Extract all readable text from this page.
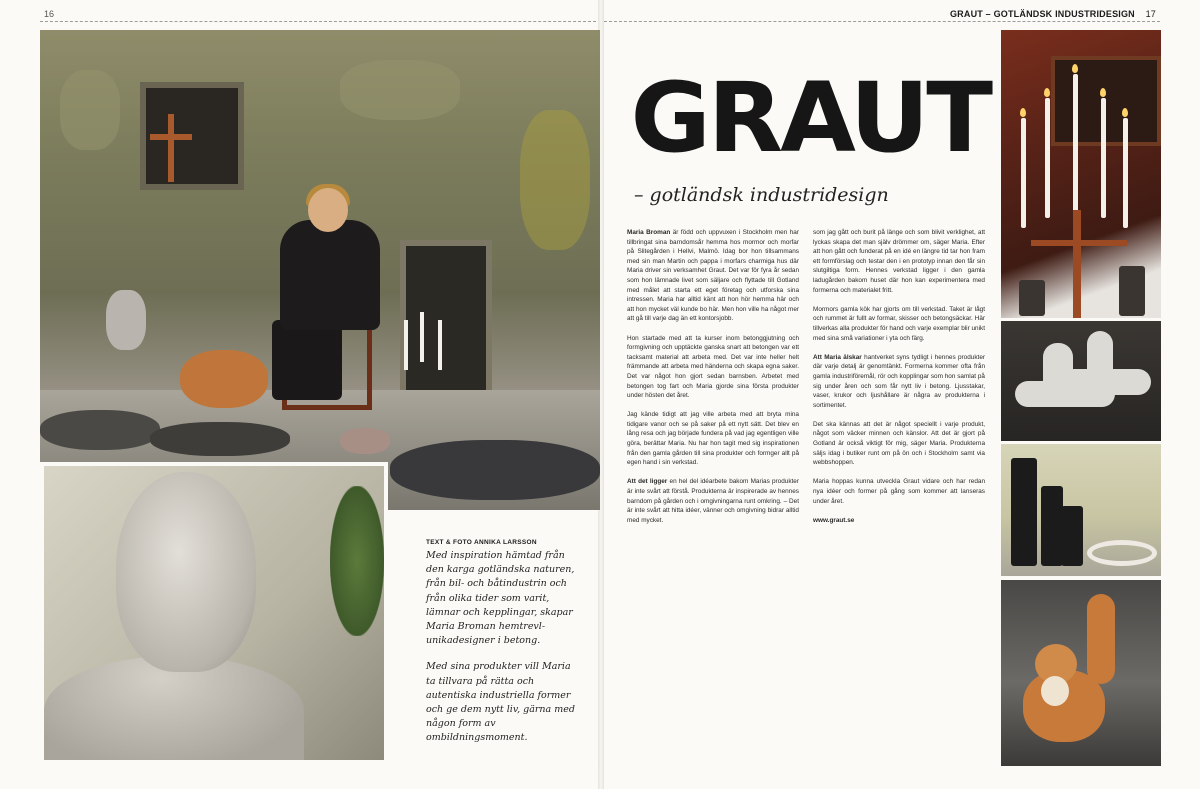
16	GRAUT – GOTLÄNDSK INDUSTRIDESIGN 17
TEXT & FOTO ANNIKA LARSSON

Med inspiration hämtad från den karga gotländska naturen, från bil- och båtindustrin och från olika tider som varit, lämnar och kepplingar, skapar Maria Broman hemtrevl-unikadesigner i betong.

Med sina produkter vill Maria ta tillvara på rätta och autentiska industriella former och ge dem nytt liv, gärna med någon form av ombildningsmoment.

GRAUT
– gotländsk industridesign

Maria Broman är född och uppvuxen i Stockholm men har tillbringat sina barndomsår hemma hos mormor och morfar på Slitegården i Hellvi, Malmö. Idag bor hon tillsammans med sin man Martin och pappa i morfars charmiga hus där Maria driver sin verksamhet Graut. Det var för fyra år sedan som hon lämnade livet som säljare och flyttade till Gotland med målet att starta ett eget företag och utforska sina intressen. Maria har alltid känt att hon hör hemma här och att hon mycket väl kunde bo här. Men hon ville ha något mer att gå till varje dag än ett kontorsjobb.

Hon startade med att ta kurser inom betonggjutning och formgivning och upptäckte ganska snart att betongen var ett tacksamt material att arbeta med. Det var inte heller helt främmande att arbeta med händerna och skapa egna saker. Det var något hon gjort sedan barnsben. Arbetet med betongen tog fart och Maria gjorde sina första produkter under hösten det året.

Jag kände tidigt att jag ville arbeta med att bryta mina tidigare vanor och se på saker på ett nytt sätt. Det blev en lång resa och jag började fundera på vad jag egentligen ville göra, berättar Maria. Nu har hon tagit med sig inspirationen från den gamla gården till sina produkter och formger allt på egen hand i sin verkstad.

Att det ligger en hel del idéarbete bakom Marias produkter är inte svårt att förstå. Produkterna är inspirerade av hennes barndom på gården och i omgivningarna runt omkring. – Det är inte svårt att hitta idéer, vänner och omgivning bidrar alltid med mycket.

som jag gått och burit på länge och som blivit verklighet, att lyckas skapa det man själv drömmer om, säger Maria. Efter att hon gått och funderat på en idé en längre tid tar hon fram ett formförslag och testar den i en prototyp innan den får sin slutgiltiga form. Hennes verkstad ligger i den gamla ladugården bakom huset där hon kan experimentera med formerna och materialet fritt.

Mormors gamla kök har gjorts om till verkstad. Taket är lågt och rummet är fullt av formar, skisser och betongsäckar. Här tillverkas alla produkter för hand och varje exemplar blir unikt med sina små variationer i yta och färg.

Att Maria älskar hantverket syns tydligt i hennes produkter där varje detalj är genomtänkt. Formerna kommer ofta från gamla industriföremål, rör och kopplingar som hon samlat på sig under åren och som får nytt liv i betong. Ljusstakar, vaser, krukor och ljushållare är några av produkterna i sortimentet.

Det ska kännas att det är något speciellt i varje produkt, något som väcker minnen och känslor. Att det är gjort på Gotland är också viktigt för mig, säger Maria. Produkterna säljs idag i butiker runt om på ön och i Stockholm samt via webbshoppen.

Maria hoppas kunna utveckla Graut vidare och har redan nya idéer och former på gång som kommer att lanseras under året.

www.graut.se
